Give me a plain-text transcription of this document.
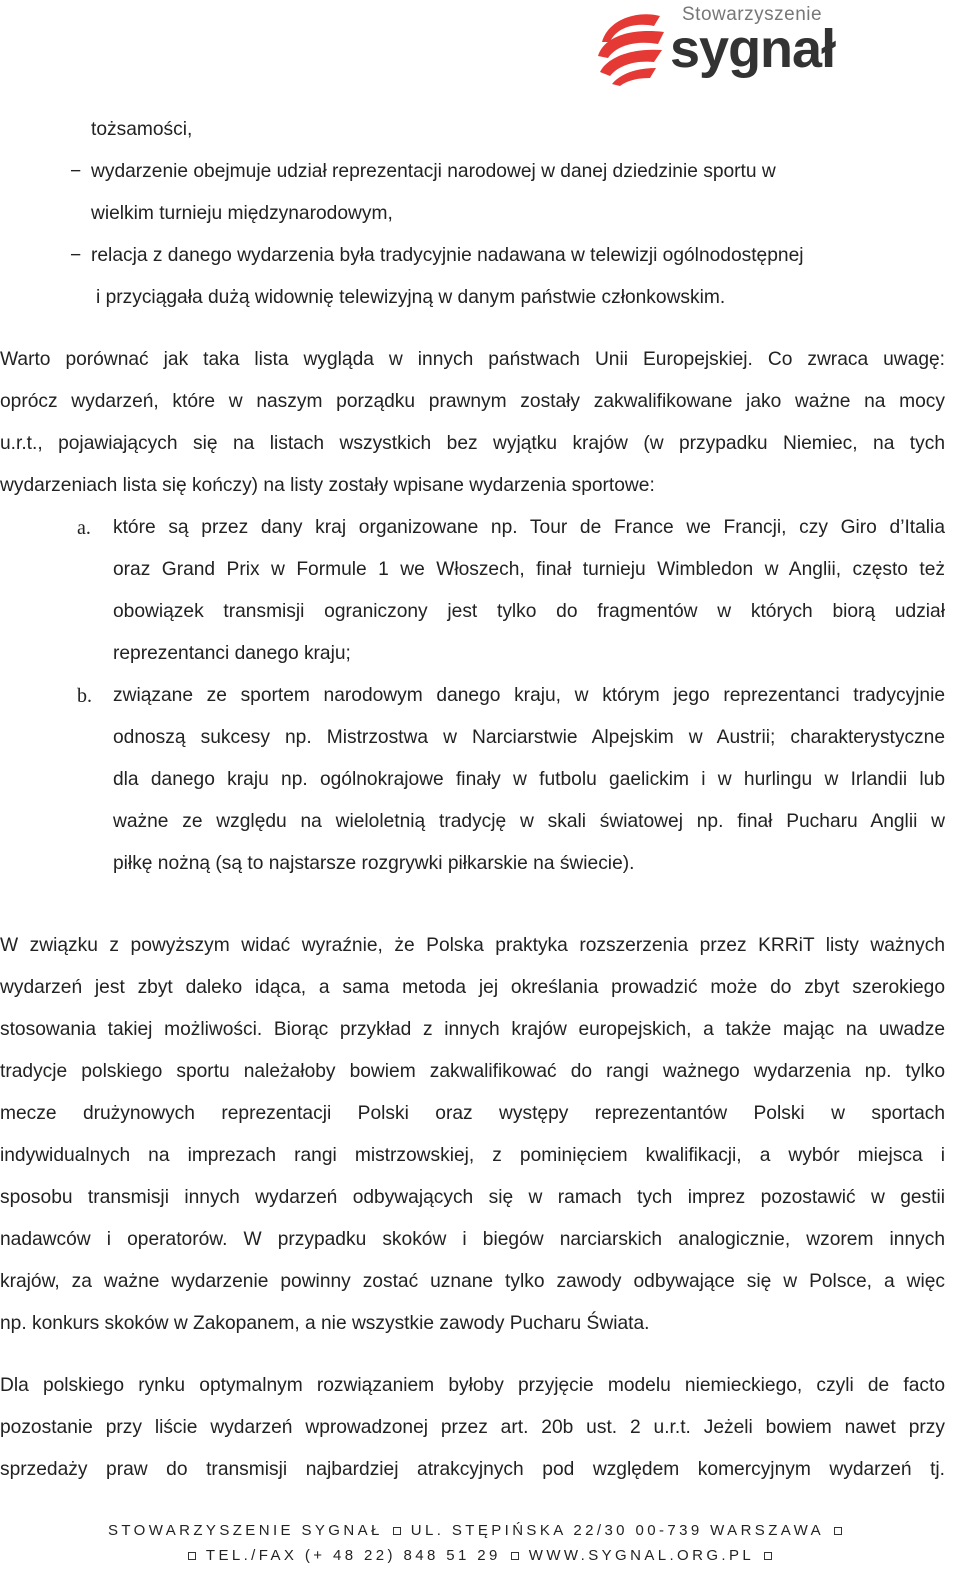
Stowarzyszenie
sygnał
tożsamości,
− wydarzenie obejmuje udział reprezentacji narodowej w danej dziedzinie sportu w
wielkim turnieju międzynarodowym,
− relacja z danego wydarzenia była tradycyjnie nadawana w telewizji ogólnodostępnej
i przyciągała dużą widownię telewizyjną w danym państwie członkowskim.
Warto porównać jak taka lista wygląda w innych państwach Unii Europejskiej. Co zwraca uwagę:
oprócz wydarzeń, które w naszym porządku prawnym zostały zakwalifikowane jako ważne na mocy
u.r.t., pojawiających się na listach wszystkich bez wyjątku krajów (w przypadku Niemiec, na tych
wydarzeniach lista się kończy) na listy zostały wpisane wydarzenia sportowe:
a. które są przez dany kraj organizowane np. Tour de France we Francji, czy Giro d’Italia
oraz Grand Prix w Formule 1 we Włoszech, finał turnieju Wimbledon w Anglii, często też
obowiązek transmisji ograniczony jest tylko do fragmentów w których biorą udział
reprezentanci danego kraju;
b. związane ze sportem narodowym danego kraju, w którym jego reprezentanci tradycyjnie
odnoszą sukcesy np. Mistrzostwa w Narciarstwie Alpejskim w Austrii; charakterystyczne
dla danego kraju np. ogólnokrajowe finały w futbolu gaelickim i w hurlingu w Irlandii lub
ważne ze względu na wieloletnią tradycję w skali światowej np. finał Pucharu Anglii w
piłkę nożną (są to najstarsze rozgrywki piłkarskie na świecie).
W związku z powyższym widać wyraźnie, że Polska praktyka rozszerzenia przez KRRiT listy ważnych
wydarzeń jest zbyt daleko idąca, a sama metoda jej określania prowadzić może do zbyt szerokiego
stosowania takiej możliwości. Biorąc przykład z innych krajów europejskich, a także mając na uwadze
tradycje polskiego sportu należałoby bowiem zakwalifikować do rangi ważnego wydarzenia np. tylko
mecze drużynowych reprezentacji Polski oraz występy reprezentantów Polski w sportach
indywidualnych na imprezach rangi mistrzowskiej, z pominięciem kwalifikacji, a wybór miejsca i
sposobu transmisji innych wydarzeń odbywających się w ramach tych imprez pozostawić w gestii
nadawców i operatorów. W przypadku skoków i biegów narciarskich analogicznie, wzorem innych
krajów, za ważne wydarzenie powinny zostać uznane tylko zawody odbywające się w Polsce, a więc
np. konkurs skoków w Zakopanem, a nie wszystkie zawody Pucharu Świata.
Dla polskiego rynku optymalnym rozwiązaniem byłoby przyjęcie modelu niemieckiego, czyli de facto
pozostanie przy liście wydarzeń wprowadzonej przez art. 20b ust. 2 u.r.t. Jeżeli bowiem nawet przy
sprzedaży praw do transmisji najbardziej atrakcyjnych pod względem komercyjnym wydarzeń tj.
STOWARZYSZENIE SYGNAŁ UL. STĘPIŃSKA 22/30 00-739 WARSZAWA
TEL./FAX (+ 48 22) 848 51 29 WWW.SYGNAL.ORG.PL
